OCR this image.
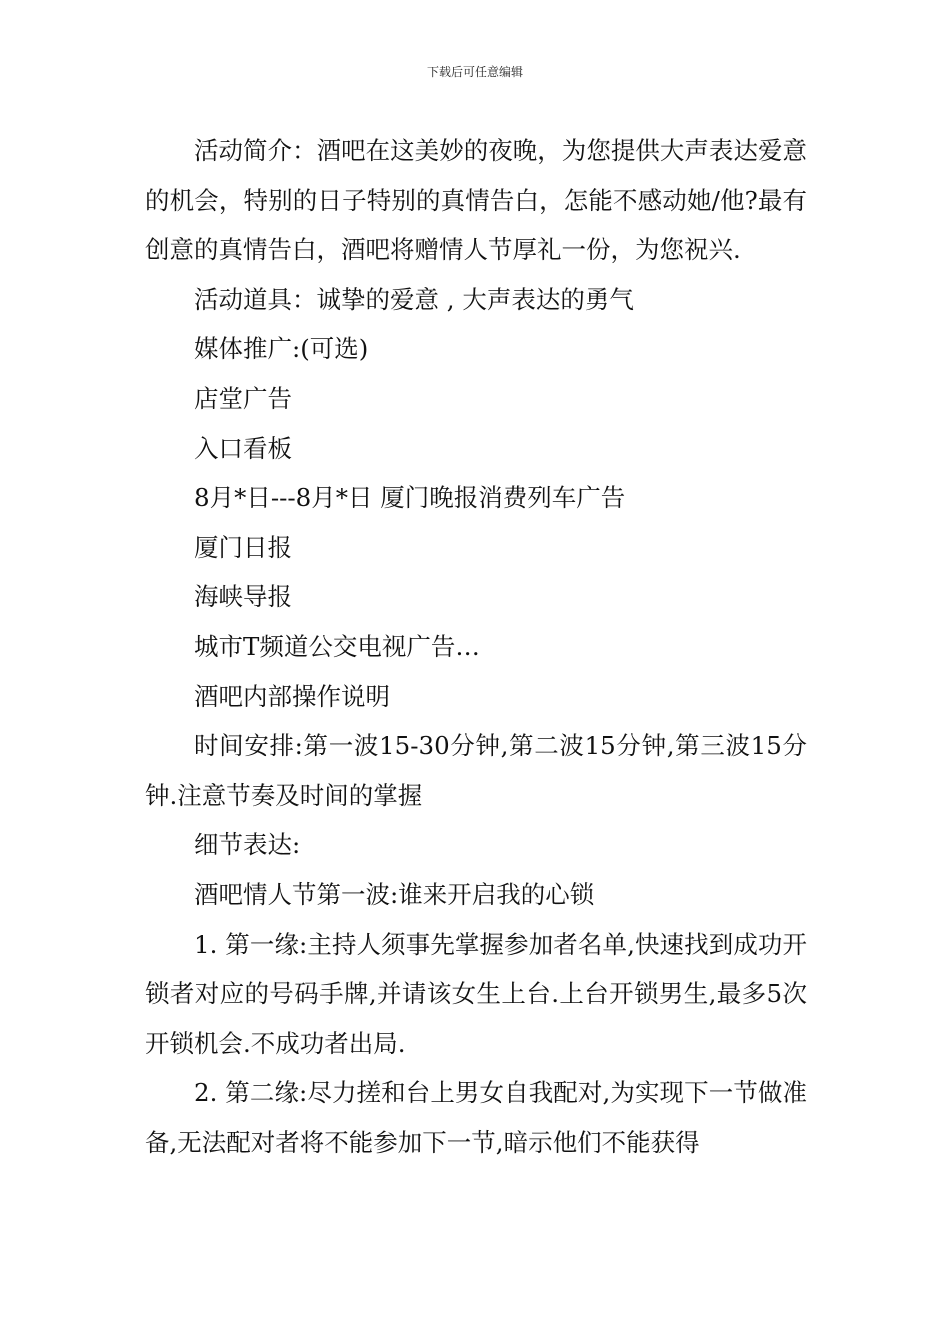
下载后可任意编辑

活动简介：酒吧在这美妙的夜晚，为您提供大声表达爱意的机会，特别的日子特别的真情告白，怎能不感动她/他?最有创意的真情告白，酒吧将赠情人节厚礼一份，为您祝兴.

活动道具：诚挚的爱意 , 大声表达的勇气

媒体推广:(可选)

店堂广告

入口看板

8月*日---8月*日 厦门晚报消费列车广告

厦门日报

海峡导报

城市T频道公交电视广告…

酒吧内部操作说明

时间安排:第一波15-30分钟,第二波15分钟,第三波15分钟.注意节奏及时间的掌握

细节表达:

酒吧情人节第一波:谁来开启我的心锁

1. 第一缘:主持人须事先掌握参加者名单,快速找到成功开锁者对应的号码手牌,并请该女生上台.上台开锁男生,最多5次开锁机会.不成功者出局.

2. 第二缘:尽力搓和台上男女自我配对,为实现下一节做准备,无法配对者将不能参加下一节,暗示他们不能获得
